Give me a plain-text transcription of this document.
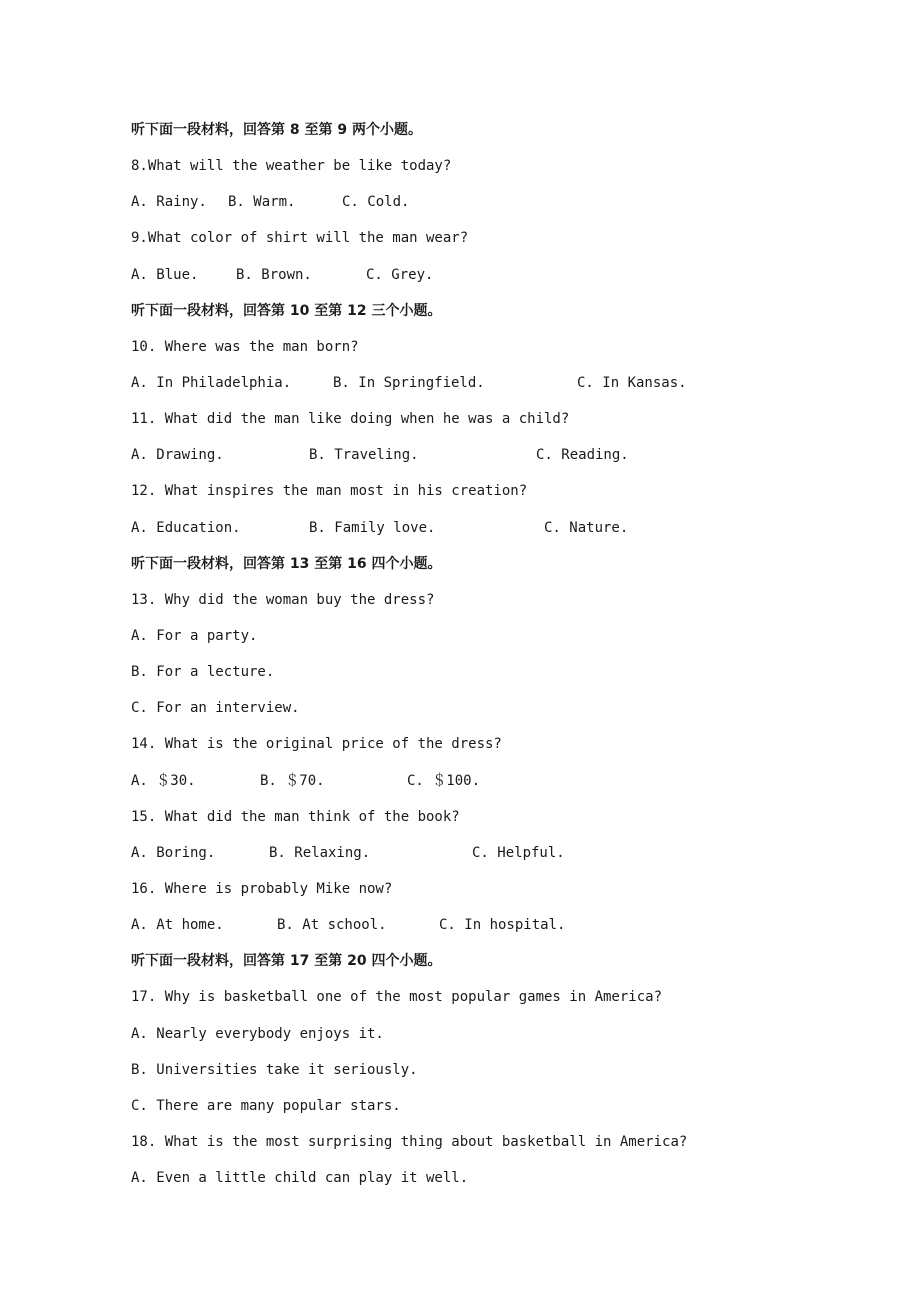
听下面一段材料，回答第 8 至第 9 两个小题。
8.What will the weather be like today?
A. Rainy. B. Warm.	C. Cold.
9.What color of shirt will the man wear?
A. Blue.	B. Brown.	C. Grey.
听下面一段材料，回答第 10 至第 12 三个小题。
10. Where was the man born?
A. In Philadelphia.	B. In Springfield.	C. In Kansas.
11. What did the man like doing when he was a child?
A. Drawing.	B. Traveling.	C. Reading.
12. What inspires the man most in his creation?
A. Education.	B. Family love.	C. Nature.
听下面一段材料，回答第 13 至第 16 四个小题。
13. Why did the woman buy the dress?
A. For a party.
B. For a lecture.
C. For an interview.
14. What is the original price of the dress?
A. ＄30.	B. ＄70.	C. ＄100.
15. What did the man think of the book?
A. Boring.	B. Relaxing.	C. Helpful.
16. Where is probably Mike now?
A. At home.	B. At school.	C. In hospital.
听下面一段材料，回答第 17 至第 20 四个小题。
17. Why is basketball one of the most popular games in America?
A. Nearly everybody enjoys it.
B. Universities take it seriously.
C. There are many popular stars.
18. What is the most surprising thing about basketball in America?
A. Even a little child can play it well.
